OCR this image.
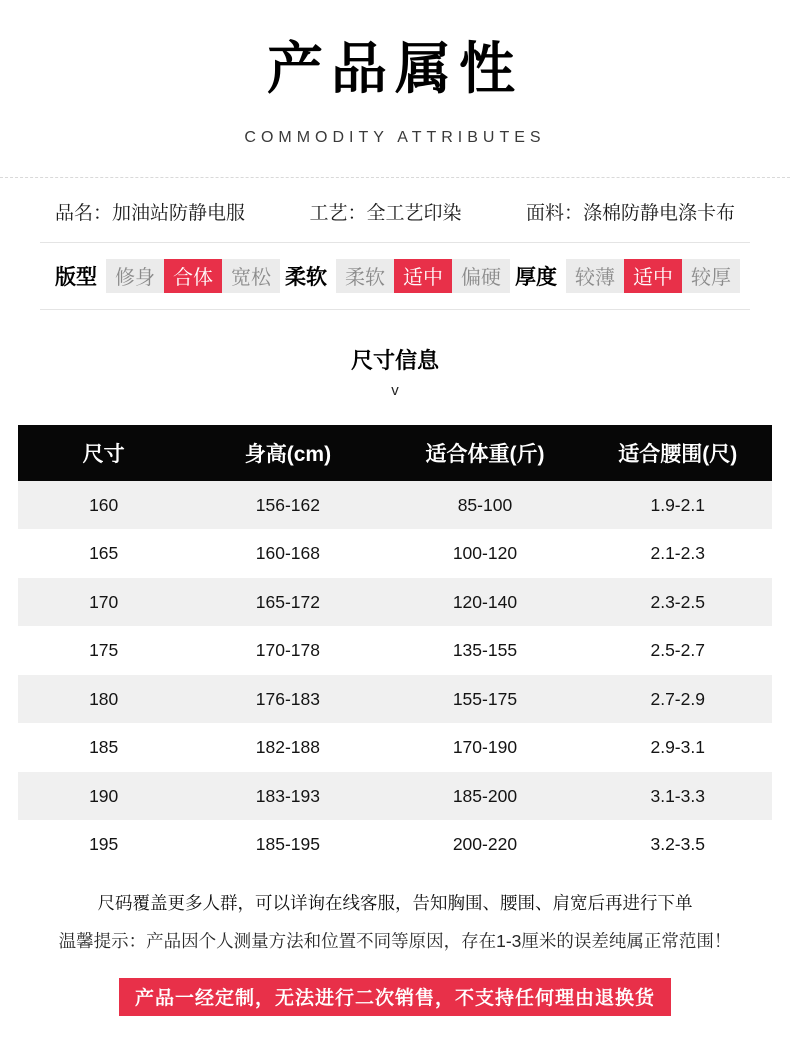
产品属性
COMMODITY ATTRIBUTES
品名：加油站防静电服	工艺：全工艺印染	面料：涤棉防静电涤卡布
版型 修身 合体 宽松 柔软 柔软 适中 偏硬 厚度 较薄 适中 较厚
尺寸信息
v
尺寸	身高(cm)	适合体重(斤)	适合腰围(尺)
160	156-162	85-100	1.9-2.1
165	160-168	100-120	2.1-2.3
170	165-172	120-140	2.3-2.5
175	170-178	135-155	2.5-2.7
180	176-183	155-175	2.7-2.9
185	182-188	170-190	2.9-3.1
190	183-193	185-200	3.1-3.3
195	185-195	200-220	3.2-3.5

尺码覆盖更多人群，可以详询在线客服，告知胸围、腰围、肩宽后再进行下单

温馨提示：产品因个人测量方法和位置不同等原因，存在1-3厘米的误差纯属正常范围！

产品一经定制，无法进行二次销售，不支持任何理由退换货
